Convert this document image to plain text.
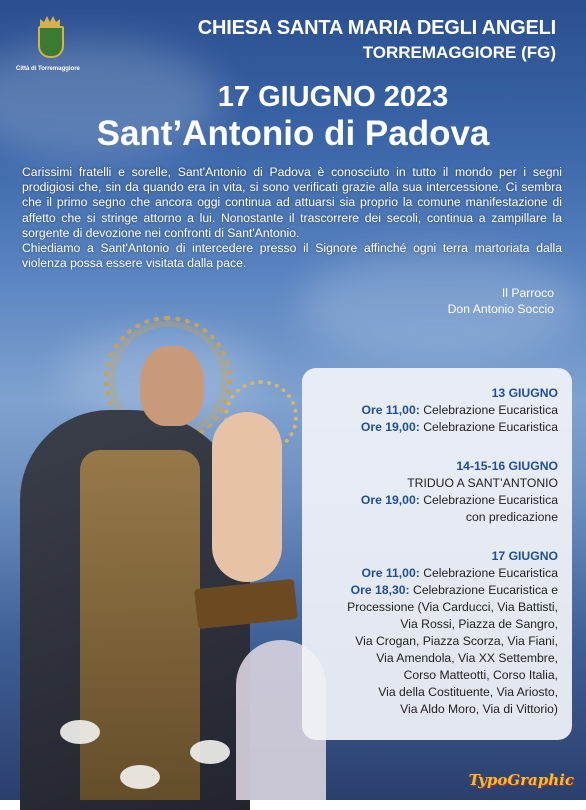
Città di Torremaggiore
CHIESA SANTA MARIA DEGLI ANGELI
TORREMAGGIORE (FG)
17 GIUGNO 2023
Sant’Antonio di Padova

Carissimi fratelli e sorelle, Sant'Antonio di Padova è conosciuto in tutto il mondo per i segni prodigiosi che, sin da quando era in vita, si sono verificati grazie alla sua intercessione. Ci sembra che il primo segno che ancora oggi continua ad attuarsi sia proprio la comune manifestazione di affetto che si stringe attorno a lui. Nonostante il trascorrere dei secoli, continua a zampillare la sorgente di devozione nei confronti di Sant'Antonio.

Chiediamo a Sant'Antonio di intercedere presso il Signore affinché ogni terra martoriata dalla violenza possa essere visitata dalla pace.

Il Parroco
Don Antonio Soccio
13 GIUGNO
Ore 11,00: Celebrazione Eucaristica
Ore 19,00: Celebrazione Eucaristica
14-15-16 GIUGNO
TRIDUO A SANT’ANTONIO
Ore 19,00: Celebrazione Eucaristica
con predicazione
17 GIUGNO
Ore 11,00: Celebrazione Eucaristica
Ore 18,30: Celebrazione Eucaristica e
Processione (Via Carducci, Via Battisti,
Via Rossi, Piazza de Sangro,
Via Crogan, Piazza Scorza, Via Fiani,
Via Amendola, Via XX Settembre,
Corso Matteotti, Corso Italia,
Via della Costituente, Via Ariosto,
Via Aldo Moro, Via di Vittorio)
TypoGraphic
